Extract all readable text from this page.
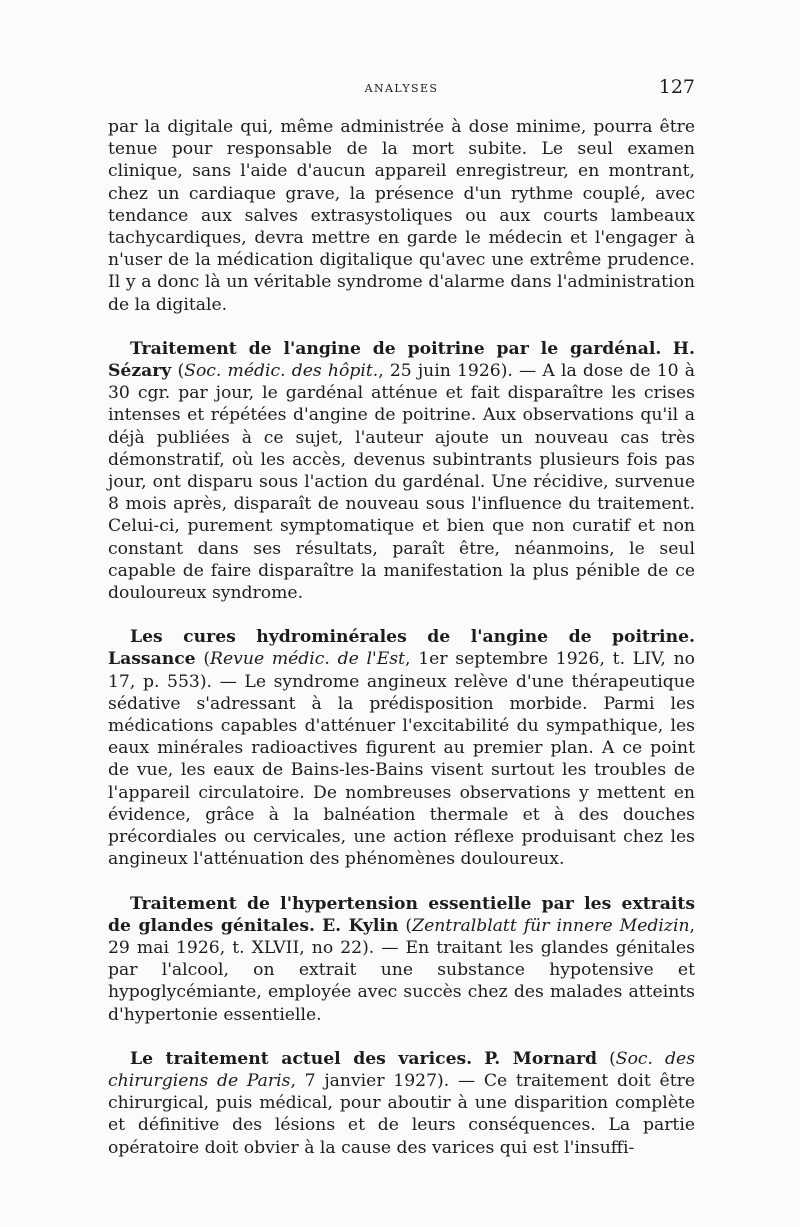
ANALYSES	127

par la digitale qui, même administrée à dose minime, pourra être tenue pour responsable de la mort subite. Le seul examen clinique, sans l'aide d'aucun appareil enregistreur, en montrant, chez un cardiaque grave, la présence d'un rythme couplé, avec tendance aux salves extrasystoliques ou aux courts lambeaux tachycardiques, devra mettre en garde le médecin et l'engager à n'user de la médication digitalique qu'avec une extrême prudence. Il y a donc là un véritable syndrome d'alarme dans l'administration de la digitale.

Traitement de l'angine de poitrine par le gardénal. H. Sézary (Soc. médic. des hôpit., 25 juin 1926). — A la dose de 10 à 30 cgr. par jour, le gardénal atténue et fait disparaître les crises intenses et répétées d'angine de poitrine. Aux observations qu'il a déjà publiées à ce sujet, l'auteur ajoute un nouveau cas très démonstratif, où les accès, devenus subintrants plusieurs fois pas jour, ont disparu sous l'action du gardénal. Une récidive, survenue 8 mois après, disparaît de nouveau sous l'influence du traitement. Celui-ci, purement symptomatique et bien que non curatif et non constant dans ses résultats, paraît être, néanmoins, le seul capable de faire disparaître la manifestation la plus pénible de ce douloureux syndrome.

Les cures hydrominérales de l'angine de poitrine. Lassance (Revue médic. de l'Est, 1er septembre 1926, t. LIV, no 17, p. 553). — Le syndrome angineux relève d'une thérapeutique sédative s'adressant à la prédisposition morbide. Parmi les médications capables d'atténuer l'excitabilité du sympathique, les eaux minérales radioactives figurent au premier plan. A ce point de vue, les eaux de Bains-les-Bains visent surtout les troubles de l'appareil circulatoire. De nombreuses observations y mettent en évidence, grâce à la balnéation thermale et à des douches précordiales ou cervicales, une action réflexe produisant chez les angineux l'atténuation des phénomènes douloureux.

Traitement de l'hypertension essentielle par les extraits de glandes génitales. E. Kylin (Zentralblatt für innere Medizin, 29 mai 1926, t. XLVII, no 22). — En traitant les glandes génitales par l'alcool, on extrait une substance hypotensive et hypoglycémiante, employée avec succès chez des malades atteints d'hypertonie essentielle.

Le traitement actuel des varices. P. Mornard (Soc. des chirurgiens de Paris, 7 janvier 1927). — Ce traitement doit être chirurgical, puis médical, pour aboutir à une disparition complète et définitive des lésions et de leurs conséquences. La partie opératoire doit obvier à la cause des varices qui est l'insuffi-
